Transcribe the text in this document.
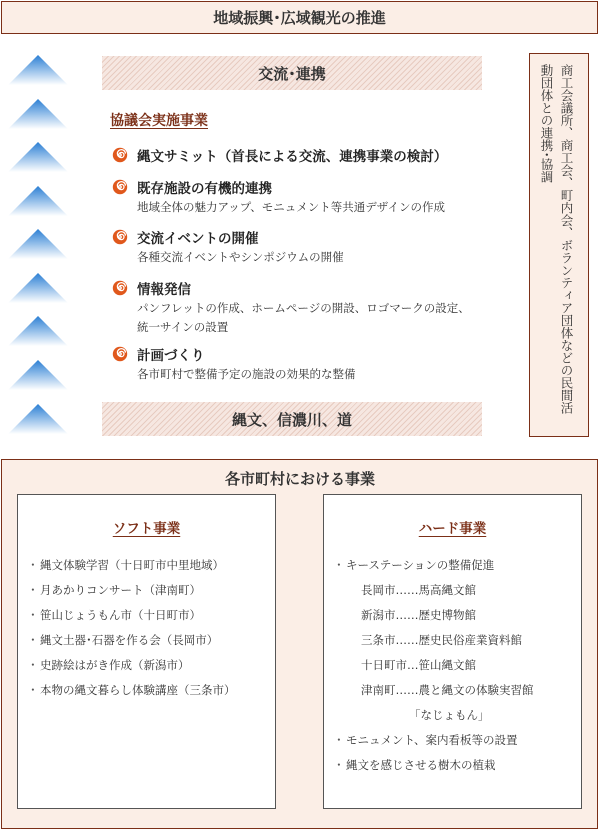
地域振興･広域観光の推進
交流･連携
縄文、信濃川、道
商工会議所、商工会、町内会、ボランティア団体などの民間活動団体との連携･協調
協議会実施事業
縄文サミット（首長による交流、連携事業の検討）
既存施設の有機的連携
地域全体の魅力アップ、モニュメント等共通デザインの作成
交流イベントの開催
各種交流イベントやシンポジウムの開催
情報発信
パンフレットの作成、ホームページの開設、ロゴマークの設定、
統一サインの設置
計画づくり
各市町村で整備予定の施設の効果的な整備
各市町村における事業
ソフト事業
･ 縄文体験学習（十日町市中里地域）
･ 月あかりコンサート（津南町）
･ 笹山じょうもん市（十日町市）
･ 縄文土器･石器を作る会（長岡市）
･ 史跡絵はがき作成（新潟市）
･ 本物の縄文暮らし体験講座（三条市）
ハード事業
･ キーステーションの整備促進
長岡市……馬高縄文館
新潟市……歴史博物館
三条市……歴史民俗産業資料館
十日町市…笹山縄文館
津南町……農と縄文の体験実習館
「なじょもん」
･ モニュメント、案内看板等の設置
･ 縄文を感じさせる樹木の植栽
